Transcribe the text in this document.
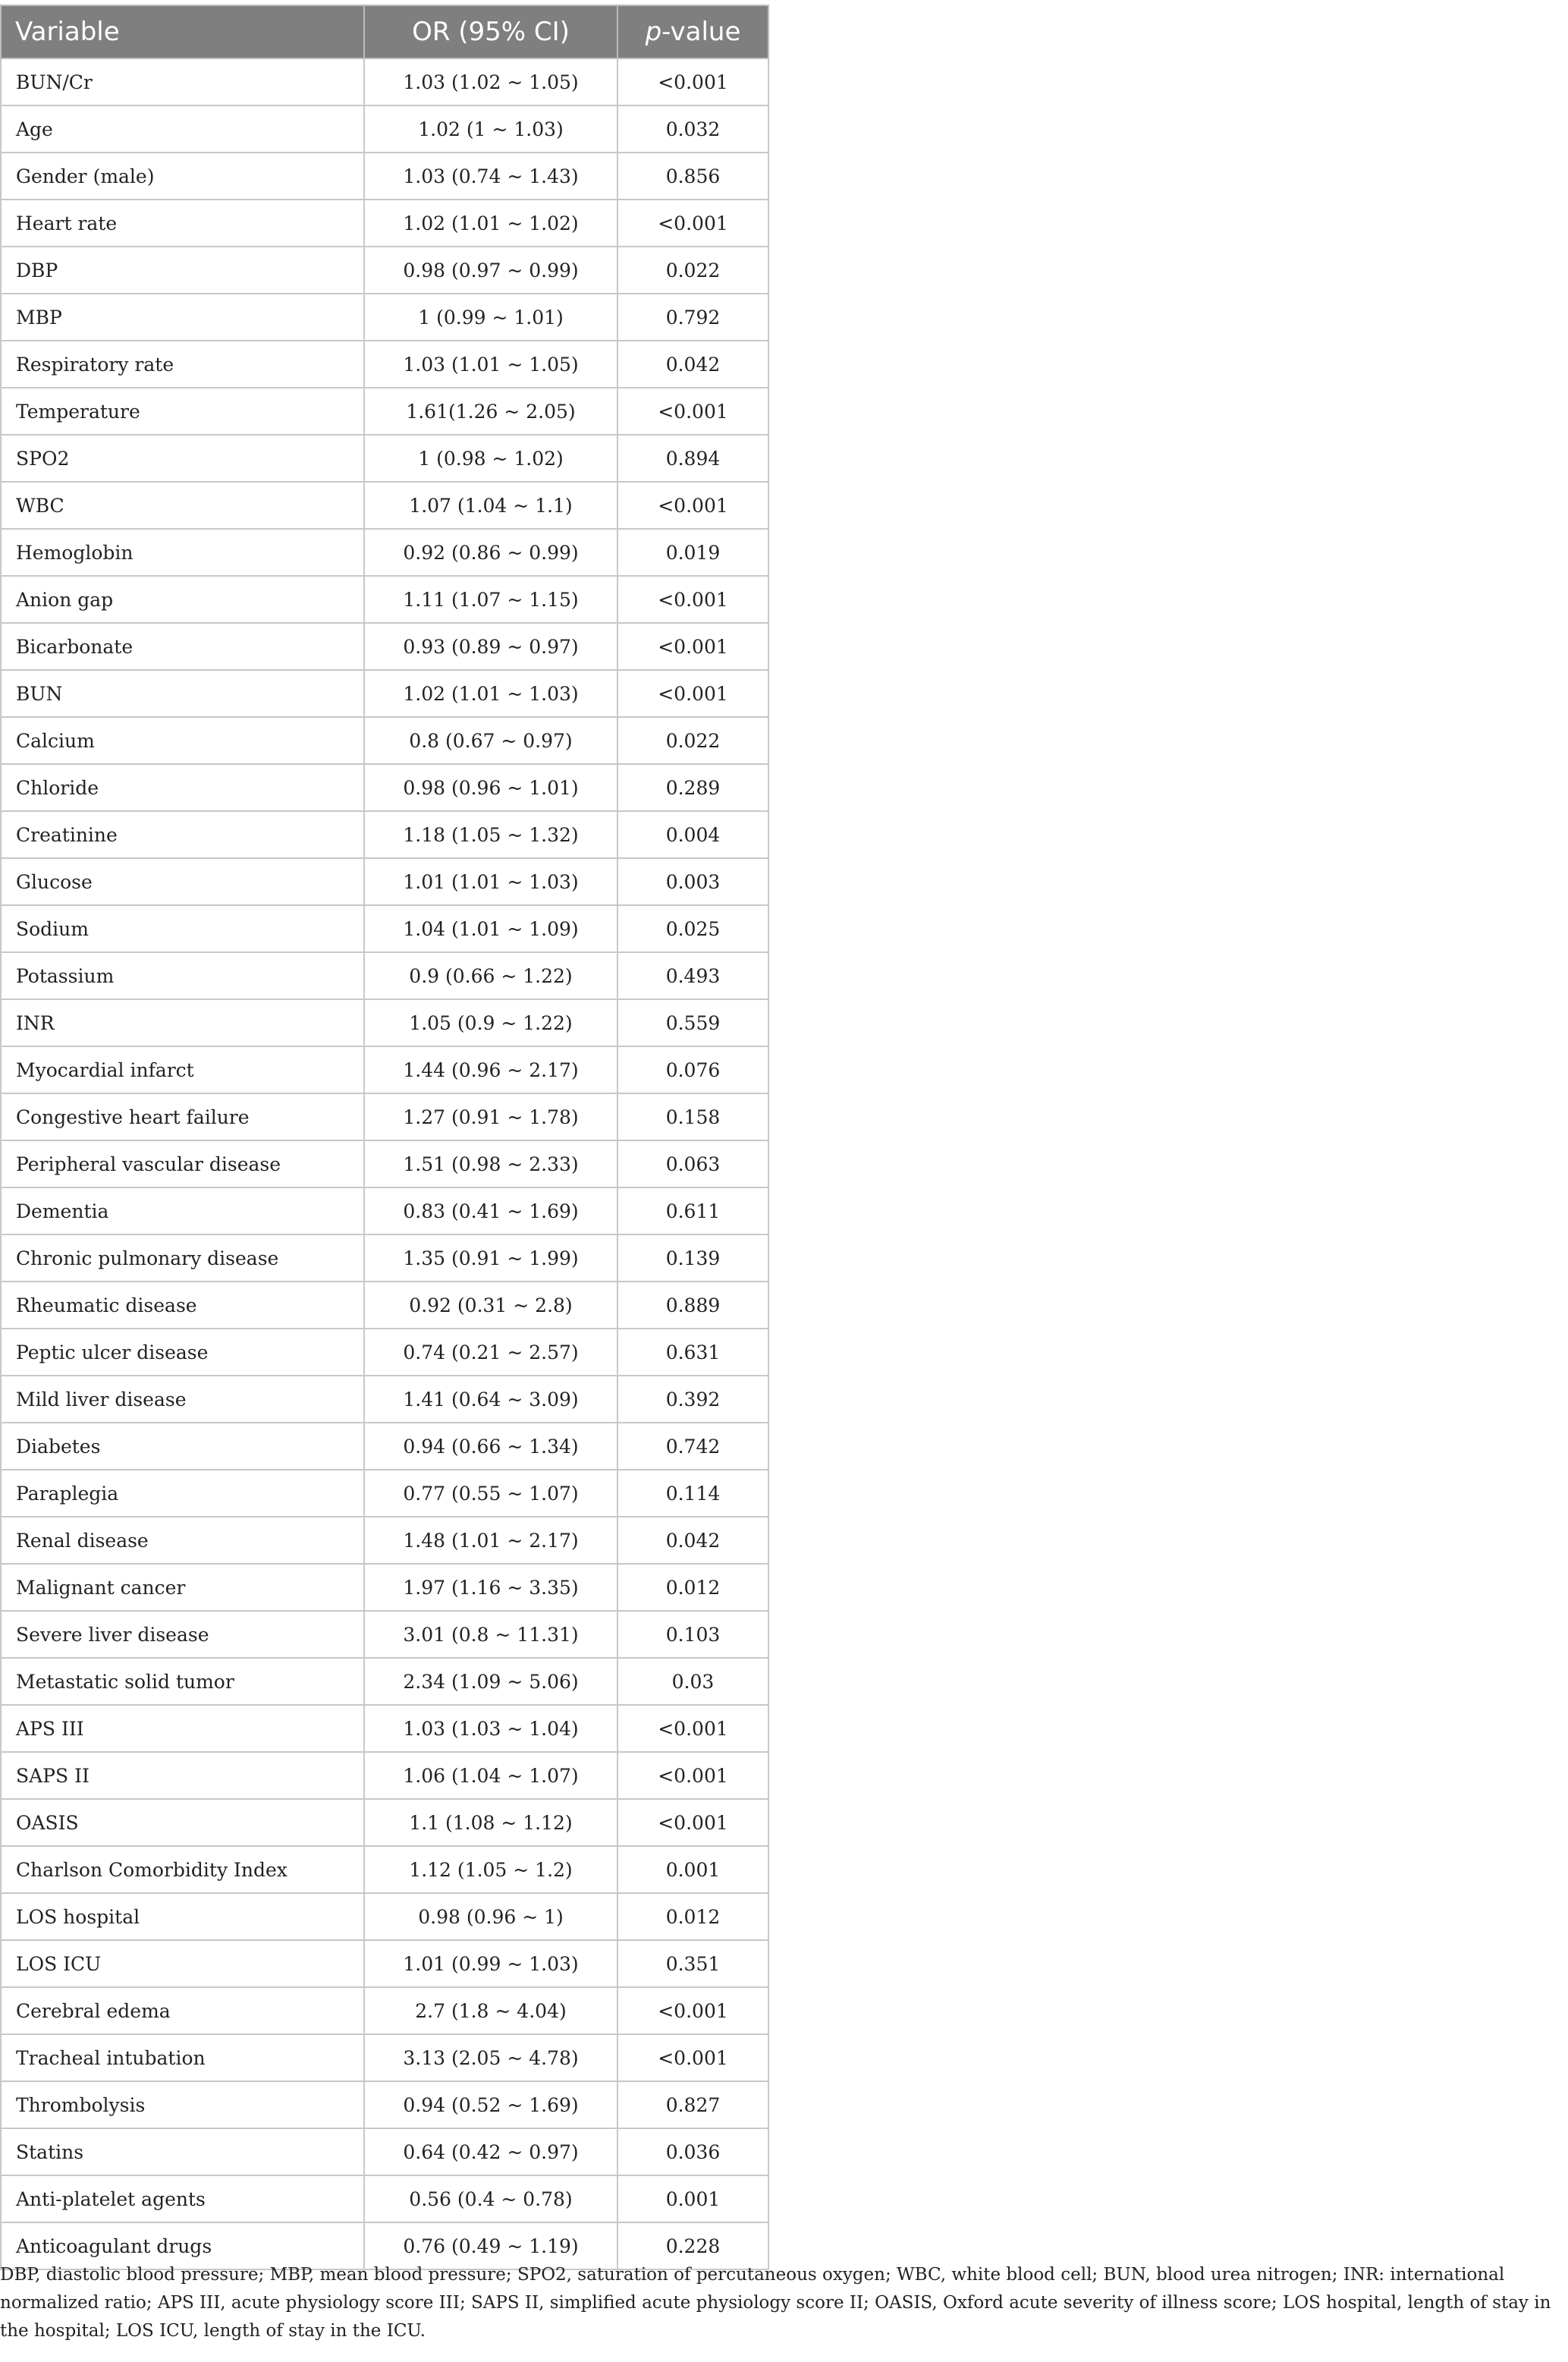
Variable	OR (95% CI)	p-value
BUN/Cr	1.03 (1.02 ~ 1.05)	<0.001
Age	1.02 (1 ~ 1.03)	0.032
Gender (male)	1.03 (0.74 ~ 1.43)	0.856
Heart rate	1.02 (1.01 ~ 1.02)	<0.001
DBP	0.98 (0.97 ~ 0.99)	0.022
MBP	1 (0.99 ~ 1.01)	0.792
Respiratory rate	1.03 (1.01 ~ 1.05)	0.042
Temperature	1.61(1.26 ~ 2.05)	<0.001
SPO2	1 (0.98 ~ 1.02)	0.894
WBC	1.07 (1.04 ~ 1.1)	<0.001
Hemoglobin	0.92 (0.86 ~ 0.99)	0.019
Anion gap	1.11 (1.07 ~ 1.15)	<0.001
Bicarbonate	0.93 (0.89 ~ 0.97)	<0.001
BUN	1.02 (1.01 ~ 1.03)	<0.001
Calcium	0.8 (0.67 ~ 0.97)	0.022
Chloride	0.98 (0.96 ~ 1.01)	0.289
Creatinine	1.18 (1.05 ~ 1.32)	0.004
Glucose	1.01 (1.01 ~ 1.03)	0.003
Sodium	1.04 (1.01 ~ 1.09)	0.025
Potassium	0.9 (0.66 ~ 1.22)	0.493
INR	1.05 (0.9 ~ 1.22)	0.559
Myocardial infarct	1.44 (0.96 ~ 2.17)	0.076
Congestive heart failure	1.27 (0.91 ~ 1.78)	0.158
Peripheral vascular disease	1.51 (0.98 ~ 2.33)	0.063
Dementia	0.83 (0.41 ~ 1.69)	0.611
Chronic pulmonary disease	1.35 (0.91 ~ 1.99)	0.139
Rheumatic disease	0.92 (0.31 ~ 2.8)	0.889
Peptic ulcer disease	0.74 (0.21 ~ 2.57)	0.631
Mild liver disease	1.41 (0.64 ~ 3.09)	0.392
Diabetes	0.94 (0.66 ~ 1.34)	0.742
Paraplegia	0.77 (0.55 ~ 1.07)	0.114
Renal disease	1.48 (1.01 ~ 2.17)	0.042
Malignant cancer	1.97 (1.16 ~ 3.35)	0.012
Severe liver disease	3.01 (0.8 ~ 11.31)	0.103
Metastatic solid tumor	2.34 (1.09 ~ 5.06)	0.03
APS III	1.03 (1.03 ~ 1.04)	<0.001
SAPS II	1.06 (1.04 ~ 1.07)	<0.001
OASIS	1.1 (1.08 ~ 1.12)	<0.001
Charlson Comorbidity Index	1.12 (1.05 ~ 1.2)	0.001
LOS hospital	0.98 (0.96 ~ 1)	0.012
LOS ICU	1.01 (0.99 ~ 1.03)	0.351
Cerebral edema	2.7 (1.8 ~ 4.04)	<0.001
Tracheal intubation	3.13 (2.05 ~ 4.78)	<0.001
Thrombolysis	0.94 (0.52 ~ 1.69)	0.827
Statins	0.64 (0.42 ~ 0.97)	0.036
Anti-platelet agents	0.56 (0.4 ~ 0.78)	0.001
Anticoagulant drugs	0.76 (0.49 ~ 1.19)	0.228

DBP, diastolic blood pressure; MBP, mean blood pressure; SPO2, saturation of percutaneous oxygen; WBC, white blood cell; BUN, blood urea nitrogen; INR: international normalized ratio; APS III, acute physiology score III; SAPS II, simplified acute physiology score II; OASIS, Oxford acute severity of illness score; LOS hospital, length of stay in the hospital; LOS ICU, length of stay in the ICU.
